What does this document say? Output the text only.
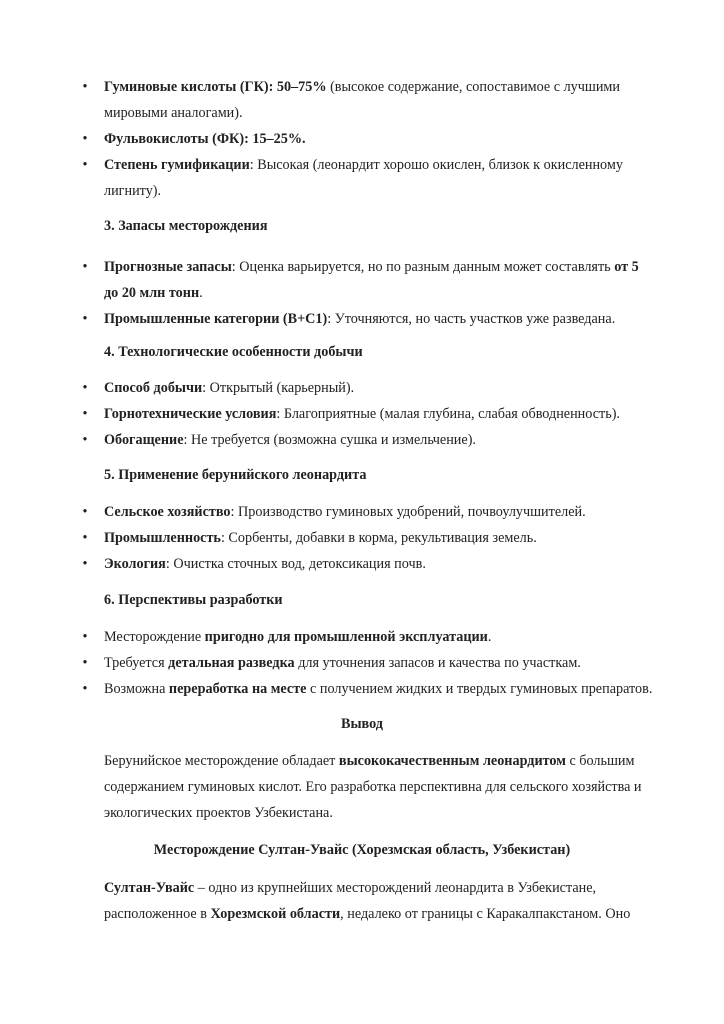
• Гуминовые кислоты (ГК): 50–75% (высокое содержание, сопоставимое с лучшими
мировыми аналогами).
• Фульвокислоты (ФК): 15–25%.
• Степень гумификации: Высокая (леонардит хорошо окислен, близок к окисленному
лигниту).
3. Запасы месторождения
• Прогнозные запасы: Оценка варьируется, но по разным данным может составлять от 5
до 20 млн тонн.
• Промышленные категории (B+C1): Уточняются, но часть участков уже разведана.
4. Технологические особенности добычи
• Способ добычи: Открытый (карьерный).
• Горнотехнические условия: Благоприятные (малая глубина, слабая обводненность).
• Обогащение: Не требуется (возможна сушка и измельчение).
5. Применение берунийского леонардита
• Сельское хозяйство: Производство гуминовых удобрений, почвоулучшителей.
• Промышленность: Сорбенты, добавки в корма, рекультивация земель.
• Экология: Очистка сточных вод, детоксикация почв.
6. Перспективы разработки
• Месторождение пригодно для промышленной эксплуатации.
• Требуется детальная разведка для уточнения запасов и качества по участкам.
• Возможна переработка на месте с получением жидких и твердых гуминовых препаратов.
Вывод
Берунийское месторождение обладает высококачественным леонардитом с большим
содержанием гуминовых кислот. Его разработка перспективна для сельского хозяйства и
экологических проектов Узбекистана.
Месторождение Султан-Увайс (Хорезмская область, Узбекистан)
Султан-Увайс – одно из крупнейших месторождений леонардита в Узбекистане,
расположенное в Хорезмской области, недалеко от границы с Каракалпакстаном. Оно
